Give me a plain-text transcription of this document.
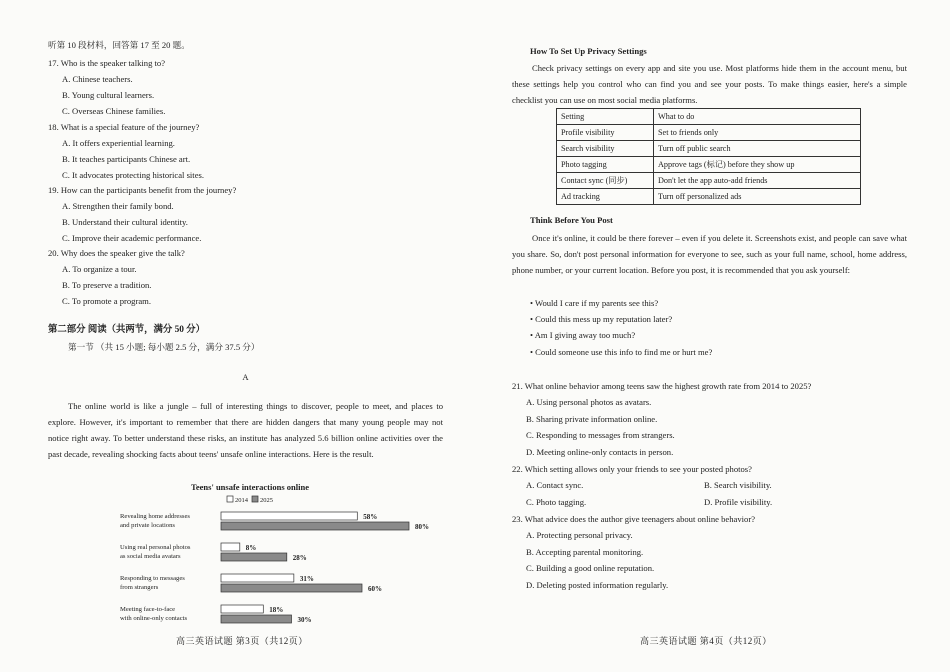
听第 10 段材料，回答第 17 至 20 题。
17. Who is the speaker talking to?
A. Chinese teachers.
B. Young cultural learners.
C. Overseas Chinese families.
18. What is a special feature of the journey?
A. It offers experiential learning.
B. It teaches participants Chinese art.
C. It advocates protecting historical sites.
19. How can the participants benefit from the journey?
A. Strengthen their family bond.
B. Understand their cultural identity.
C. Improve their academic performance.
20. Why does the speaker give the talk?
A. To organize a tour.
B. To preserve a tradition.
C. To promote a program.
第二部分 阅读（共两节，满分 50 分）
第一节 （共 15 小题; 每小题 2.5 分，满分 37.5 分）
A

The online world is like a jungle – full of interesting things to discover, people to meet, and places to explore. However, it's important to remember that there are hidden dangers that many young people may not notice right away. To better understand these risks, an institute has analyzed 5.6 billion online activities over the past decade, revealing shocking facts about teens' unsafe online interactions. Here is the result.

Teens' unsafe interactions online
2014 2025
Revealing home addresses
and private locations
58%
80%
Using real personal photos
as social media avatars
8%
28%
Responding to messages
from strangers
31%
60%
Meeting face-to-face
with online-only contacts
18%
30%
高三英语试题 第3页（共12页）
How To Set Up Privacy Settings

Check privacy settings on every app and site you use. Most platforms hide them in the account menu, but these settings help you control who can find you and see your posts. To make things easier, here's a simple checklist you can use on most social media platforms.

Setting	What to do
Profile visibility	Set to friends only
Search visibility	Turn off public search
Photo tagging	Approve tags (标记) before they show up
Contact sync (同步)	Don't let the app auto-add friends
Ad tracking	Turn off personalized ads
Think Before You Post

Once it's online, it could be there forever – even if you delete it. Screenshots exist, and people can save what you share. So, don't post personal information for everyone to see, such as your full name, school, home address, phone number, or your current location. Before you post, it is recommended that you ask yourself:

• Would I care if my parents see this?
• Could this mess up my reputation later?
• Am I giving away too much?
• Could someone use this info to find me or hurt me?
21. What online behavior among teens saw the highest growth rate from 2014 to 2025?
A. Using personal photos as avatars.
B. Sharing private information online.
C. Responding to messages from strangers.
D. Meeting online-only contacts in person.
22. Which setting allows only your friends to see your posted photos?
A. Contact sync.	B. Search visibility.
C. Photo tagging.	D. Profile visibility.
23. What advice does the author give teenagers about online behavior?
A. Protecting personal privacy.
B. Accepting parental monitoring.
C. Building a good online reputation.
D. Deleting posted information regularly.
高三英语试题 第4页（共12页）
